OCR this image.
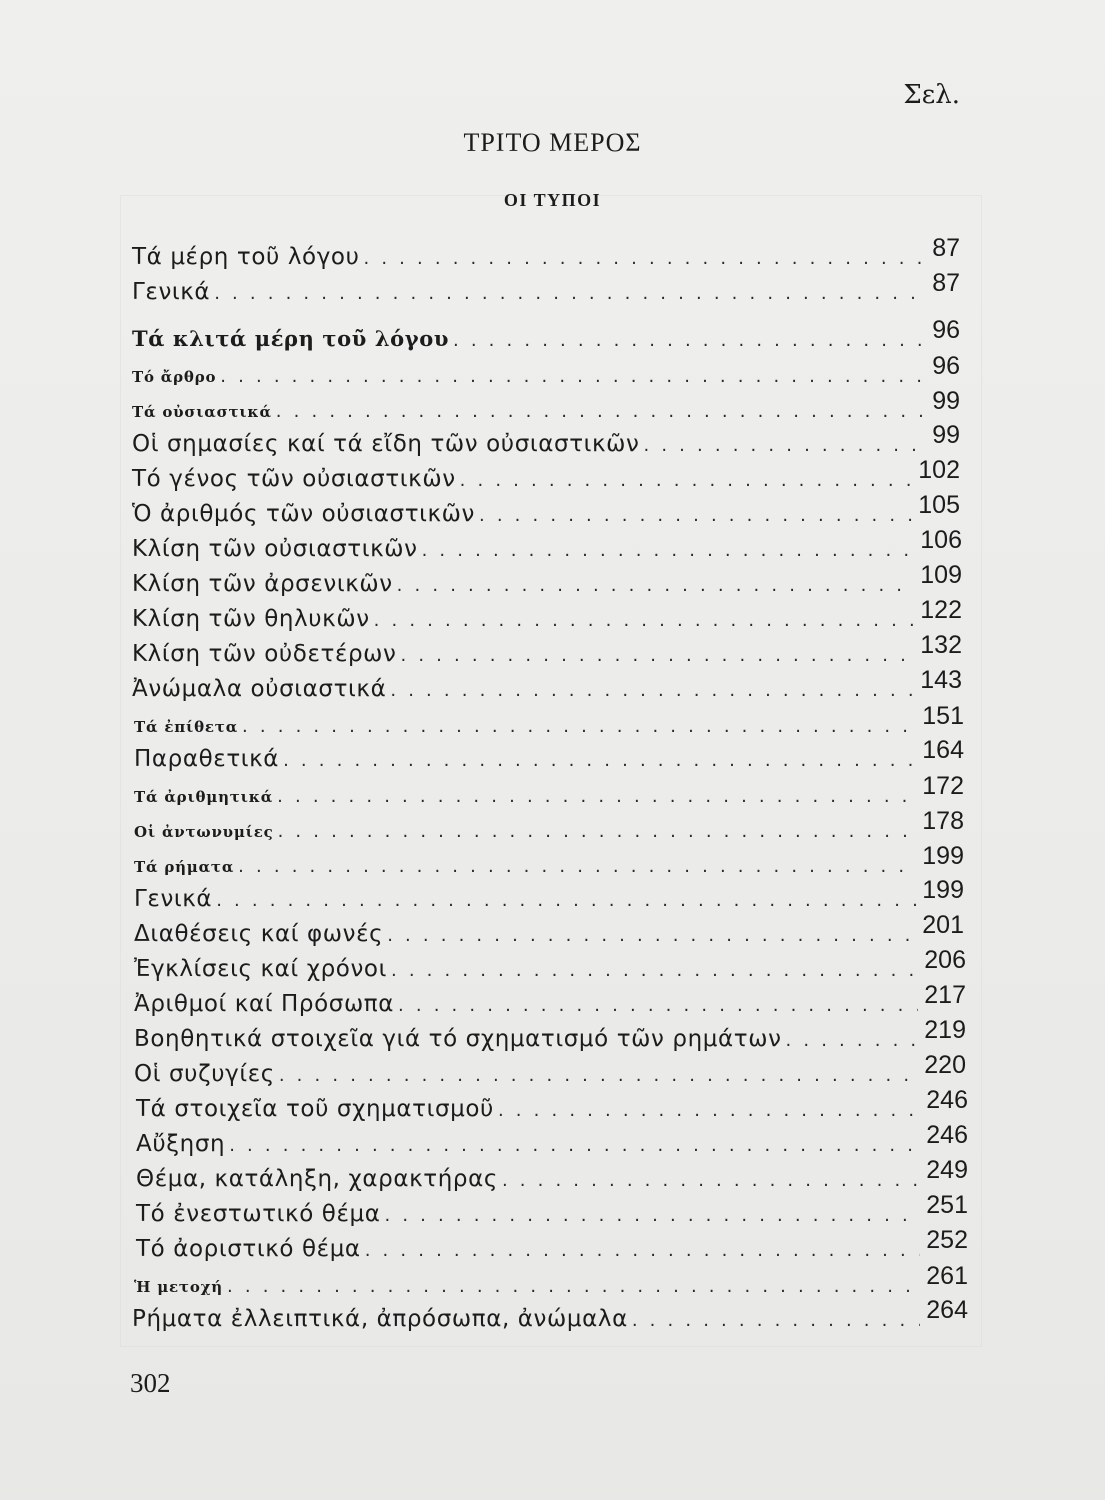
Σελ.
ΤΡΙΤΟ ΜΕΡΟΣ
ΟΙ ΤΥΠΟΙ
Τά μέρη τοῦ λόγου . . .	87
Γενικά . . .	87
Τά κλιτά μέρη τοῦ λόγου . . .	96
Τό ἄρθρο . . .	96
Τά οὐσιαστικά . . .	99
Οἱ σημασίες καί τά εἴδη τῶν οὐσιαστικῶν . . .	99
Τό γένος τῶν οὐσιαστικῶν . . .	102
Ὁ ἀριθμός τῶν οὐσιαστικῶν . . .	105
Κλίση τῶν οὐσιαστικῶν . . .	106
Κλίση τῶν ἀρσενικῶν . . .	109
Κλίση τῶν θηλυκῶν . . .	122
Κλίση τῶν οὐδετέρων . . .	132
Ἀνώμαλα οὐσιαστικά . . .	143
Τά ἐπίθετα . . .	151
Παραθετικά . . .	164
Τά ἀριθμητικά . . .	172
Οἱ ἀντωνυμίες . . .	178
Τά ρήματα . . .	199
Γενικά . . .	199
Διαθέσεις καί φωνές . . .	201
Ἐγκλίσεις καί χρόνοι . . .	206
Ἀριθμοί καί Πρόσωπα . . .	217
Βοηθητικά στοιχεῖα γιά τό σχηματισμό τῶν ρημάτων . . .	219
Οἱ συζυγίες . . .	220
Τά στοιχεῖα τοῦ σχηματισμοῦ . . .	246
Αὔξηση . . .	246
Θέμα, κατάληξη, χαρακτήρας . . .	249
Τό ἐνεστωτικό θέμα . . .	251
Τό ἀοριστικό θέμα . . .	252
Ἡ μετοχή . . .	261
Ρήματα ἐλλειπτικά, ἀπρόσωπα, ἀνώμαλα . . .	264
302
